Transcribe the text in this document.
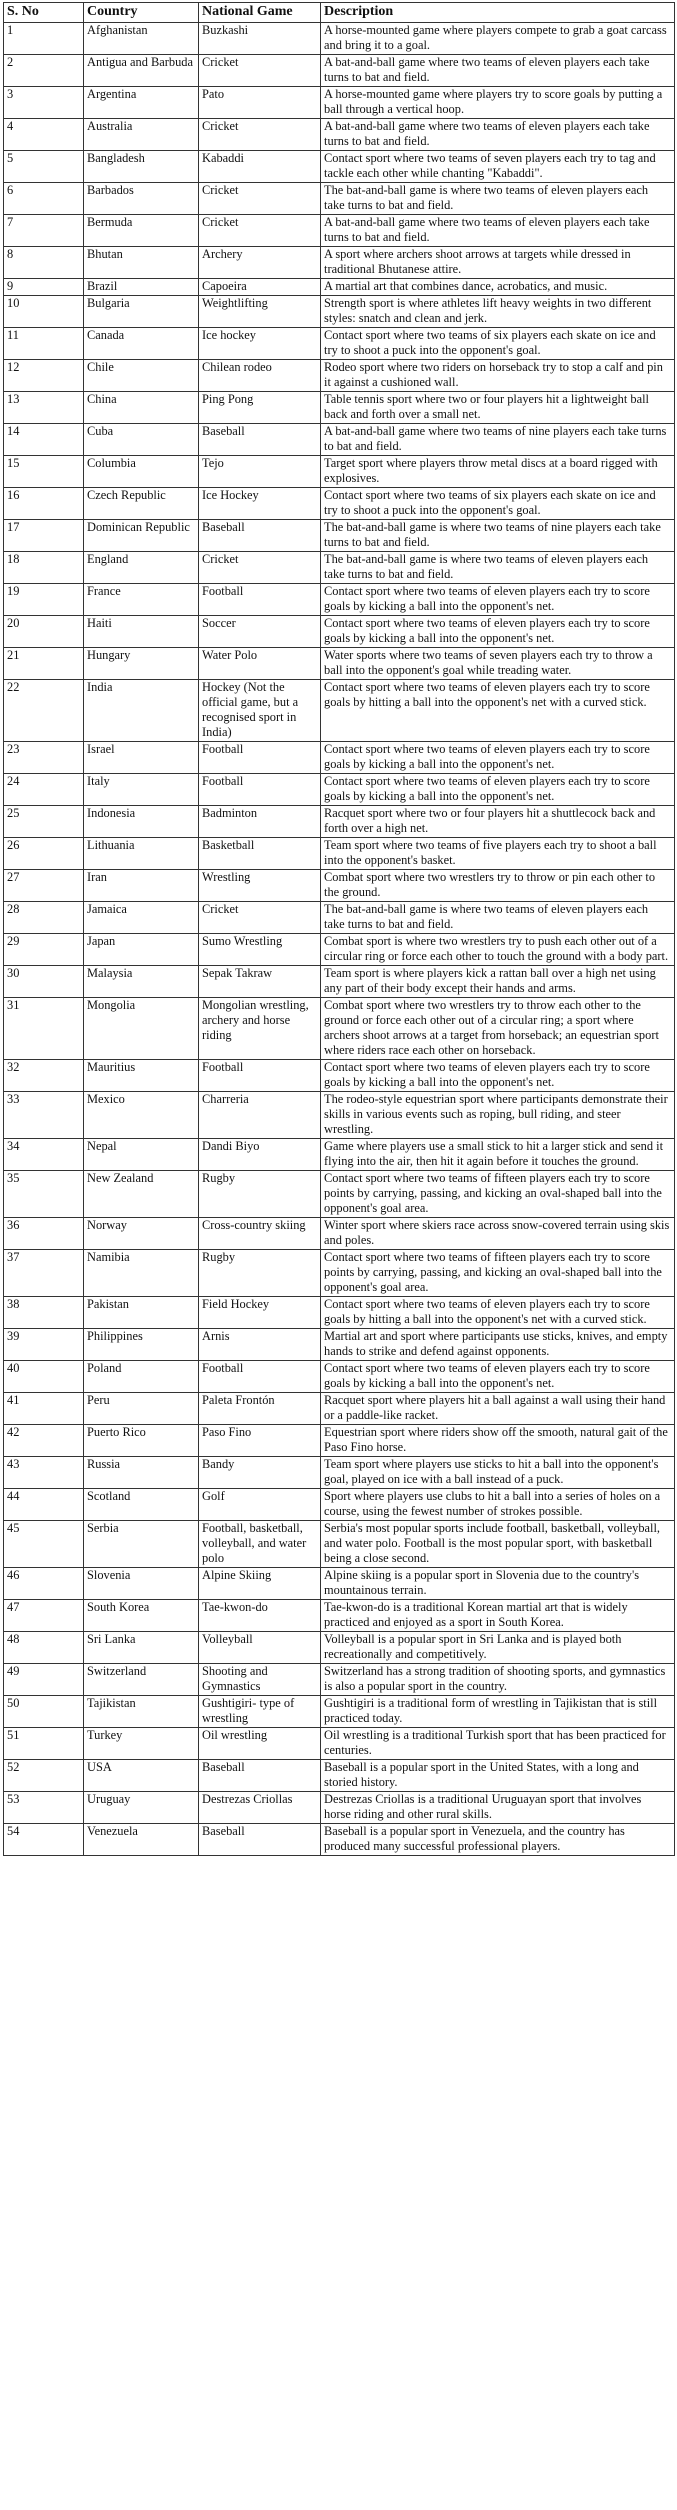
S. No	Country	National Game	Description
1	Afghanistan	Buzkashi	A horse-mounted game where players compete to grab a goat carcass and bring it to a goal.
2	Antigua and Barbuda	Cricket	A bat-and-ball game where two teams of eleven players each take turns to bat and field.
3	Argentina	Pato	A horse-mounted game where players try to score goals by putting a ball through a vertical hoop.
4	Australia	Cricket	A bat-and-ball game where two teams of eleven players each take turns to bat and field.
5	Bangladesh	Kabaddi	Contact sport where two teams of seven players each try to tag and tackle each other while chanting "Kabaddi".
6	Barbados	Cricket	The bat-and-ball game is where two teams of eleven players each take turns to bat and field.
7	Bermuda	Cricket	A bat-and-ball game where two teams of eleven players each take turns to bat and field.
8	Bhutan	Archery	A sport where archers shoot arrows at targets while dressed in traditional Bhutanese attire.
9	Brazil	Capoeira	A martial art that combines dance, acrobatics, and music.
10	Bulgaria	Weightlifting	Strength sport is where athletes lift heavy weights in two different styles: snatch and clean and jerk.
11	Canada	Ice hockey	Contact sport where two teams of six players each skate on ice and try to shoot a puck into the opponent's goal.
12	Chile	Chilean rodeo	Rodeo sport where two riders on horseback try to stop a calf and pin it against a cushioned wall.
13	China	Ping Pong	Table tennis sport where two or four players hit a lightweight ball back and forth over a small net.
14	Cuba	Baseball	A bat-and-ball game where two teams of nine players each take turns to bat and field.
15	Columbia	Tejo	Target sport where players throw metal discs at a board rigged with explosives.
16	Czech Republic	Ice Hockey	Contact sport where two teams of six players each skate on ice and try to shoot a puck into the opponent's goal.
17	Dominican Republic	Baseball	The bat-and-ball game is where two teams of nine players each take turns to bat and field.
18	England	Cricket	The bat-and-ball game is where two teams of eleven players each take turns to bat and field.
19	France	Football	Contact sport where two teams of eleven players each try to score goals by kicking a ball into the opponent's net.
20	Haiti	Soccer	Contact sport where two teams of eleven players each try to score goals by kicking a ball into the opponent's net.
21	Hungary	Water Polo	Water sports where two teams of seven players each try to throw a ball into the opponent's goal while treading water.
22	India	Hockey (Not the official game, but a recognised sport in India)	Contact sport where two teams of eleven players each try to score goals by hitting a ball into the opponent's net with a curved stick.
23	Israel	Football	Contact sport where two teams of eleven players each try to score goals by kicking a ball into the opponent's net.
24	Italy	Football	Contact sport where two teams of eleven players each try to score goals by kicking a ball into the opponent's net.
25	Indonesia	Badminton	Racquet sport where two or four players hit a shuttlecock back and forth over a high net.
26	Lithuania	Basketball	Team sport where two teams of five players each try to shoot a ball into the opponent's basket.
27	Iran	Wrestling	Combat sport where two wrestlers try to throw or pin each other to the ground.
28	Jamaica	Cricket	The bat-and-ball game is where two teams of eleven players each take turns to bat and field.
29	Japan	Sumo Wrestling	Combat sport is where two wrestlers try to push each other out of a circular ring or force each other to touch the ground with a body part.
30	Malaysia	Sepak Takraw	Team sport is where players kick a rattan ball over a high net using any part of their body except their hands and arms.
31	Mongolia	Mongolian wrestling, archery and horse riding	Combat sport where two wrestlers try to throw each other to the ground or force each other out of a circular ring; a sport where archers shoot arrows at a target from horseback; an equestrian sport where riders race each other on horseback.
32	Mauritius	Football	Contact sport where two teams of eleven players each try to score goals by kicking a ball into the opponent's net.
33	Mexico	Charreria	The rodeo-style equestrian sport where participants demonstrate their skills in various events such as roping, bull riding, and steer wrestling.
34	Nepal	Dandi Biyo	Game where players use a small stick to hit a larger stick and send it flying into the air, then hit it again before it touches the ground.
35	New Zealand	Rugby	Contact sport where two teams of fifteen players each try to score points by carrying, passing, and kicking an oval-shaped ball into the opponent's goal area.
36	Norway	Cross-country skiing	Winter sport where skiers race across snow-covered terrain using skis and poles.
37	Namibia	Rugby	Contact sport where two teams of fifteen players each try to score points by carrying, passing, and kicking an oval-shaped ball into the opponent's goal area.
38	Pakistan	Field Hockey	Contact sport where two teams of eleven players each try to score goals by hitting a ball into the opponent's net with a curved stick.
39	Philippines	Arnis	Martial art and sport where participants use sticks, knives, and empty hands to strike and defend against opponents.
40	Poland	Football	Contact sport where two teams of eleven players each try to score goals by kicking a ball into the opponent's net.
41	Peru	Paleta Frontón	Racquet sport where players hit a ball against a wall using their hand or a paddle-like racket.
42	Puerto Rico	Paso Fino	Equestrian sport where riders show off the smooth, natural gait of the Paso Fino horse.
43	Russia	Bandy	Team sport where players use sticks to hit a ball into the opponent's goal, played on ice with a ball instead of a puck.
44	Scotland	Golf	Sport where players use clubs to hit a ball into a series of holes on a course, using the fewest number of strokes possible.
45	Serbia	Football, basketball, volleyball, and water polo	Serbia's most popular sports include football, basketball, volleyball, and water polo. Football is the most popular sport, with basketball being a close second.
46	Slovenia	Alpine Skiing	Alpine skiing is a popular sport in Slovenia due to the country's mountainous terrain.
47	South Korea	Tae-kwon-do	Tae-kwon-do is a traditional Korean martial art that is widely practiced and enjoyed as a sport in South Korea.
48	Sri Lanka	Volleyball	Volleyball is a popular sport in Sri Lanka and is played both recreationally and competitively.
49	Switzerland	Shooting and Gymnastics	Switzerland has a strong tradition of shooting sports, and gymnastics is also a popular sport in the country.
50	Tajikistan	Gushtigiri- type of wrestling	Gushtigiri is a traditional form of wrestling in Tajikistan that is still practiced today.
51	Turkey	Oil wrestling	Oil wrestling is a traditional Turkish sport that has been practiced for centuries.
52	USA	Baseball	Baseball is a popular sport in the United States, with a long and storied history.
53	Uruguay	Destrezas Criollas	Destrezas Criollas is a traditional Uruguayan sport that involves horse riding and other rural skills.
54	Venezuela	Baseball	Baseball is a popular sport in Venezuela, and the country has produced many successful professional players.
